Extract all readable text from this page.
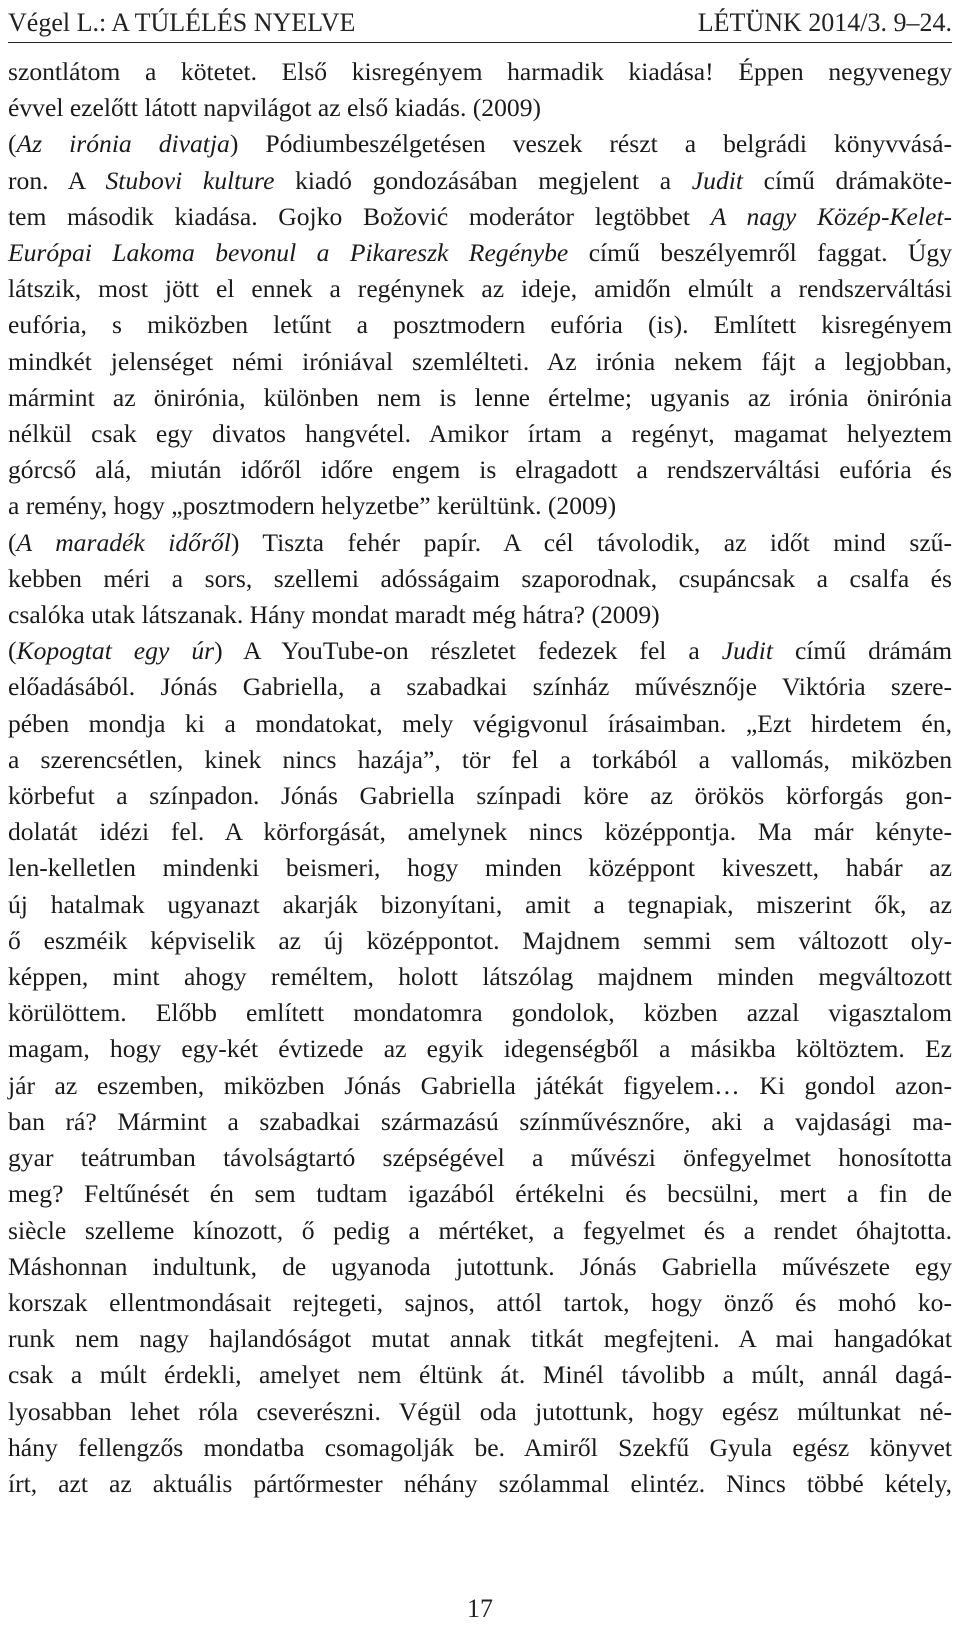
Végel L.: A TÚLÉLÉS NYELVE	LÉTÜNK 2014/3. 9–24.
szontlátom a kötetet. Első kisregényem harmadik kiadása! Éppen negyvenegy
évvel ezelőtt látott napvilágot az első kiadás. (2009)
(Az irónia divatja) Pódiumbeszélgetésen veszek részt a belgrádi könyvvásá-
ron. A Stubovi kulture kiadó gondozásában megjelent a Judit című drámaköte-
tem második kiadása. Gojko Božović moderátor legtöbbet A nagy Közép-Kelet-
Európai Lakoma bevonul a Pikareszk Regénybe című beszélyemről faggat. Úgy
látszik, most jött el ennek a regénynek az ideje, amidőn elmúlt a rendszerváltási
eufória, s miközben letűnt a posztmodern eufória (is). Említett kisregényem
mindkét jelenséget némi iróniával szemlélteti. Az irónia nekem fájt a legjobban,
mármint az önirónia, különben nem is lenne értelme; ugyanis az irónia önirónia
nélkül csak egy divatos hangvétel. Amikor írtam a regényt, magamat helyeztem
górcső alá, miután időről időre engem is elragadott a rendszerváltási eufória és
a remény, hogy „posztmodern helyzetbe” kerültünk. (2009)
(A maradék időről) Tiszta fehér papír. A cél távolodik, az időt mind szű-
kebben méri a sors, szellemi adósságaim szaporodnak, csupáncsak a csalfa és
csalóka utak látszanak. Hány mondat maradt még hátra? (2009)
(Kopogtat egy úr) A YouTube-on részletet fedezek fel a Judit című drámám
előadásából. Jónás Gabriella, a szabadkai színház művésznője Viktória szere-
pében mondja ki a mondatokat, mely végigvonul írásaimban. „Ezt hirdetem én,
a szerencsétlen, kinek nincs hazája”, tör fel a torkából a vallomás, miközben
körbefut a színpadon. Jónás Gabriella színpadi köre az örökös körforgás gon-
dolatát idézi fel. A körforgását, amelynek nincs középpontja. Ma már kényte-
len-kelletlen mindenki beismeri, hogy minden középpont kiveszett, habár az
új hatalmak ugyanazt akarják bizonyítani, amit a tegnapiak, miszerint ők, az
ő eszméik képviselik az új középpontot. Majdnem semmi sem változott oly-
képpen, mint ahogy reméltem, holott látszólag majdnem minden megváltozott
körülöttem. Előbb említett mondatomra gondolok, közben azzal vigasztalom
magam, hogy egy-két évtizede az egyik idegenségből a másikba költöztem. Ez
jár az eszemben, miközben Jónás Gabriella játékát figyelem… Ki gondol azon-
ban rá? Mármint a szabadkai származású színművésznőre, aki a vajdasági ma-
gyar teátrumban távolságtartó szépségével a művészi önfegyelmet honosította
meg? Feltűnését én sem tudtam igazából értékelni és becsülni, mert a fin de
siècle szelleme kínozott, ő pedig a mértéket, a fegyelmet és a rendet óhajtotta.
Máshonnan indultunk, de ugyanoda jutottunk. Jónás Gabriella művészete egy
korszak ellentmondásait rejtegeti, sajnos, attól tartok, hogy önző és mohó ko-
runk nem nagy hajlandóságot mutat annak titkát megfejteni. A mai hangadókat
csak a múlt érdekli, amelyet nem éltünk át. Minél távolibb a múlt, annál dagá-
lyosabban lehet róla cseverészni. Végül oda jutottunk, hogy egész múltunkat né-
hány fellengzős mondatba csomagolják be. Amiről Szekfű Gyula egész könyvet
írt, azt az aktuális pártőrmester néhány szólammal elintéz. Nincs többé kétely,
17
